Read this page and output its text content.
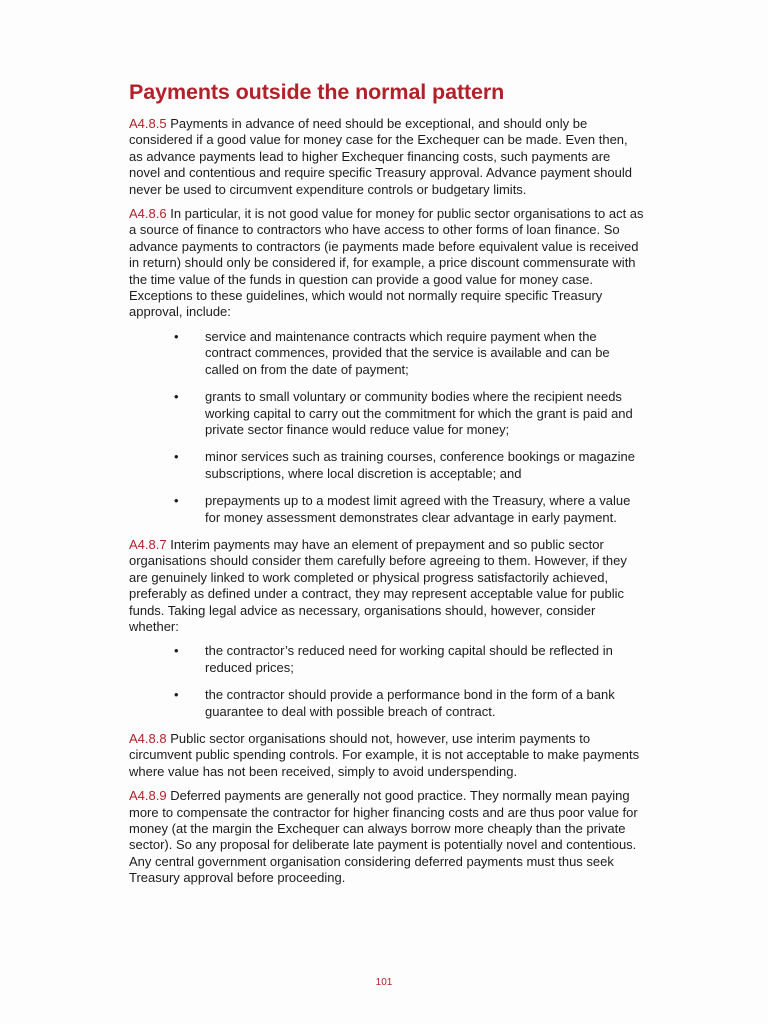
Payments outside the normal pattern

A4.8.5 Payments in advance of need should be exceptional, and should only be considered if a good value for money case for the Exchequer can be made. Even then, as advance payments lead to higher Exchequer financing costs, such payments are novel and contentious and require specific Treasury approval. Advance payment should never be used to circumvent expenditure controls or budgetary limits.

A4.8.6 In particular, it is not good value for money for public sector organisations to act as a source of finance to contractors who have access to other forms of loan finance. So advance payments to contractors (ie payments made before equivalent value is received in return) should only be considered if, for example, a price discount commensurate with the time value of the funds in question can provide a good value for money case. Exceptions to these guidelines, which would not normally require specific Treasury approval, include:

• service and maintenance contracts which require payment when the contract commences, provided that the service is available and can be called on from the date of payment;
• grants to small voluntary or community bodies where the recipient needs working capital to carry out the commitment for which the grant is paid and private sector finance would reduce value for money;
• minor services such as training courses, conference bookings or magazine subscriptions, where local discretion is acceptable; and
• prepayments up to a modest limit agreed with the Treasury, where a value for money assessment demonstrates clear advantage in early payment.

A4.8.7 Interim payments may have an element of prepayment and so public sector organisations should consider them carefully before agreeing to them. However, if they are genuinely linked to work completed or physical progress satisfactorily achieved, preferably as defined under a contract, they may represent acceptable value for public funds. Taking legal advice as necessary, organisations should, however, consider whether:

• the contractor’s reduced need for working capital should be reflected in reduced prices;
• the contractor should provide a performance bond in the form of a bank guarantee to deal with possible breach of contract.

A4.8.8 Public sector organisations should not, however, use interim payments to circumvent public spending controls. For example, it is not acceptable to make payments where value has not been received, simply to avoid underspending.

A4.8.9 Deferred payments are generally not good practice. They normally mean paying more to compensate the contractor for higher financing costs and are thus poor value for money (at the margin the Exchequer can always borrow more cheaply than the private sector). So any proposal for deliberate late payment is potentially novel and contentious. Any central government organisation considering deferred payments must thus seek Treasury approval before proceeding.

101
